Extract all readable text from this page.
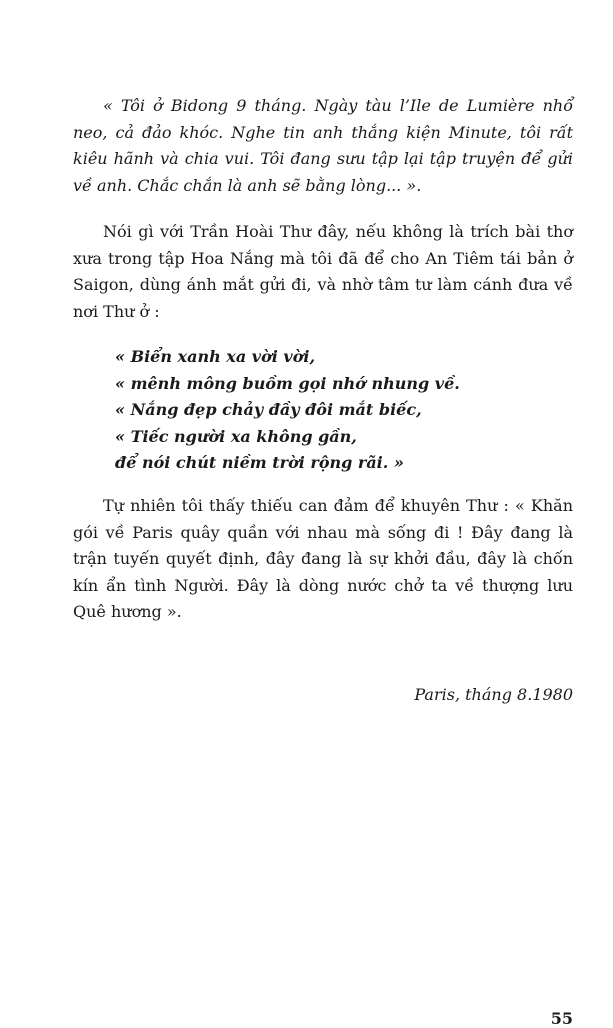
« Tôi ở Bidong 9 tháng. Ngày tàu l’Ile de Lumière nhổ neo, cả đảo khóc. Nghe tin anh thắng kiện Minute, tôi rất kiêu hãnh và chia vui. Tôi đang sưu tập lại tập truyện để gửi về anh. Chắc chắn là anh sẽ bằng lòng... ».

Nói gì với Trần Hoài Thư đây, nếu không là trích bài thơ xưa trong tập Hoa Nắng mà tôi đã để cho An Tiêm tái bản ở Saigon, dùng ánh mắt gửi đi, và nhờ tâm tư làm cánh đưa về nơi Thư ở :

« Biển xanh xa vời vời,
« mênh mông buồm gọi nhớ nhung về.
« Nắng đẹp chảy đầy đôi mắt biếc,
« Tiếc người xa không gần,
để nói chút niềm trời rộng rãi. »

Tự nhiên tôi thấy thiếu can đảm để khuyên Thư : « Khăn gói về Paris quây quần với nhau mà sống đi ! Đây đang là trận tuyến quyết định, đây đang là sự khởi đầu, đây là chốn kín ẩn tình Người. Đây là dòng nước chở ta về thượng lưu Quê hương ».

Paris, tháng 8.1980
55
